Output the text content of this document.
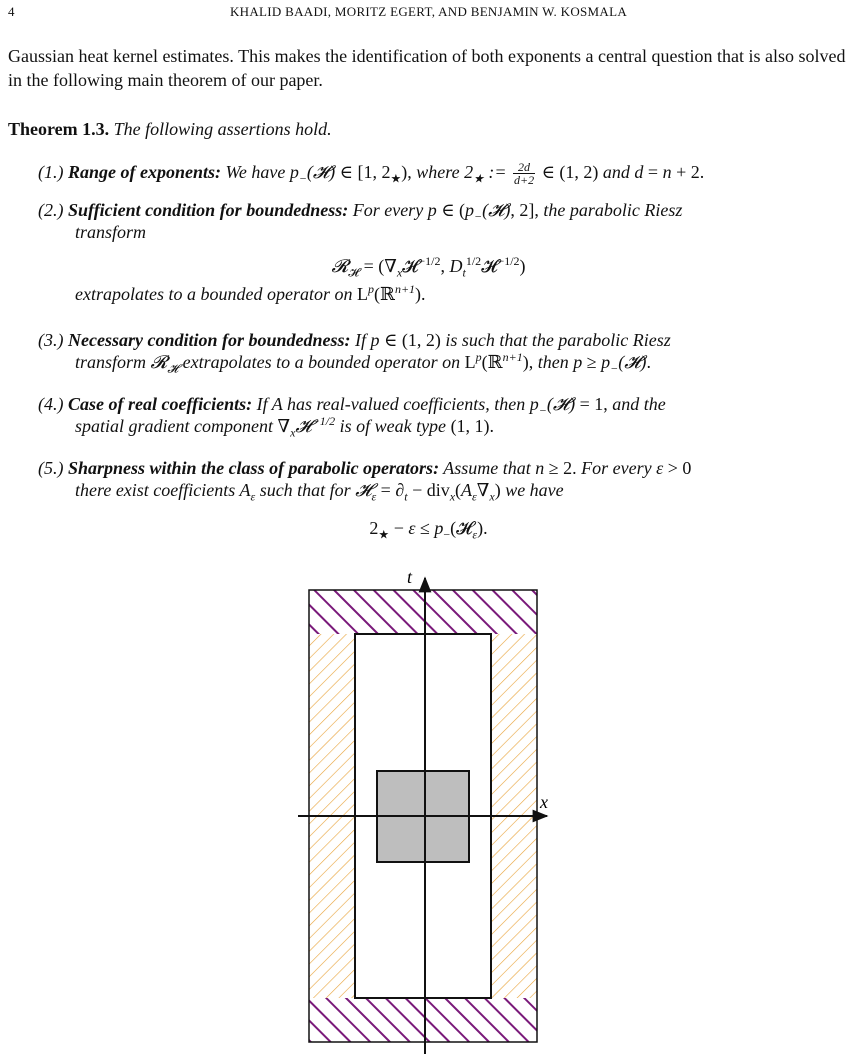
4	KHALID BAADI, MORITZ EGERT, AND BENJAMIN W. KOSMALA
Gaussian heat kernel estimates. This makes the identification of both exponents a central question that is also solved in the following main theorem of our paper.
Theorem 1.3. The following assertions hold.
(1.) Range of exponents: We have $p_-(𝓗)$ ∈ [1, $2_★$), where $2_★$ := $\frac{2d}{d+2}$ ∈ (1, 2) and d = n + 2.
(2.) Sufficient condition for boundedness: For every p ∈ ($p_-(𝓗)$, 2], the parabolic Riesz
transform
𝓡$_𝓗$ = ($\nabla_x𝓗^{-1/2}$, $D_t^{1/2}𝓗^{-1/2}$)
extrapolates to a bounded operator on $L^p(ℝ^{n+1})$.
(3.) Necessary condition for boundedness: If p ∈ (1, 2) is such that the parabolic Riesz
transform 𝓡$_𝓗$ extrapolates to a bounded operator on $L^p(ℝ^{n+1})$, then $p \ge p_-(𝓗)$.
(4.) Case of real coefficients: If A has real-valued coefficients, then $p_-(𝓗) = 1$, and the
spatial gradient component $\nabla_x𝓗^{-1/2}$ is of weak type (1, 1).
(5.) Sharpness within the class of parabolic operators: Assume that n ≥ 2. For every ε > 0
there exist coefficients $A_\varepsilon$ such that for 𝓗$_\varepsilon$ = $\partial_t - div_x(A_\varepsilon\nabla_x)$ we have
$2_★ - \varepsilon$ ≤ $p_-(𝓗_\varepsilon)$.
x
t
